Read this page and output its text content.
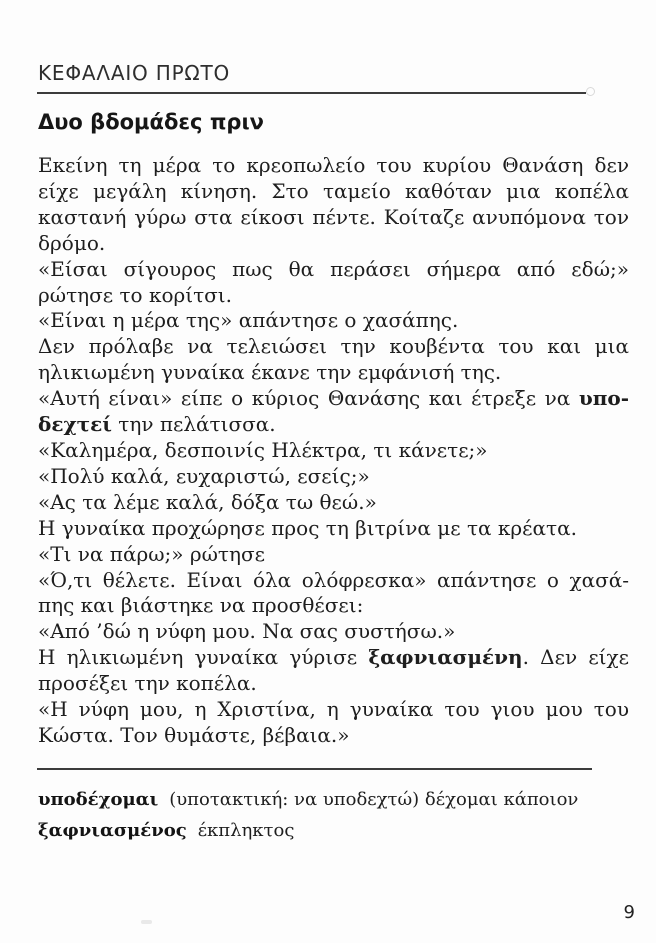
ΚΕΦΑΛΑΙΟ ΠΡΩΤΟ
Δυο βδομάδες πριν
Εκείνη τη μέρα το κρεοπωλείο του κυρίου Θανάση δεν
είχε μεγάλη κίνηση. Στο ταμείο καθόταν μια κοπέλα
καστανή γύρω στα είκοσι πέντε. Κοίταζε ανυπόμονα τον
δρόμο.
«Είσαι σίγουρος πως θα περάσει σήμερα από εδώ;»
ρώτησε το κορίτσι.
«Είναι η μέρα της» απάντησε ο χασάπης.
Δεν πρόλαβε να τελειώσει την κουβέντα του και μια
ηλικιωμένη γυναίκα έκανε την εμφάνισή της.
«Αυτή είναι» είπε ο κύριος Θανάσης και έτρεξε να υπο-
δεχτεί την πελάτισσα.
«Καλημέρα, δεσποινίς Ηλέκτρα, τι κάνετε;»
«Πολύ καλά, ευχαριστώ, εσείς;»
«Ας τα λέμε καλά, δόξα τω θεώ.»
Η γυναίκα προχώρησε προς τη βιτρίνα με τα κρέατα.
«Τι να πάρω;» ρώτησε
«Ό,τι θέλετε. Είναι όλα ολόφρεσκα» απάντησε ο χασά-
πης και βιάστηκε να προσθέσει:
«Από ’δώ η νύφη μου. Να σας συστήσω.»
Η ηλικιωμένη γυναίκα γύρισε ξαφνιασμένη. Δεν είχε
προσέξει την κοπέλα.
«Η νύφη μου, η Χριστίνα, η γυναίκα του γιου μου του
Κώστα. Τον θυμάστε, βέβαια.»
υποδέχομαι (υποτακτική: να υποδεχτώ) δέχομαι κάποιον
ξαφνιασμένος έκπληκτος
9
